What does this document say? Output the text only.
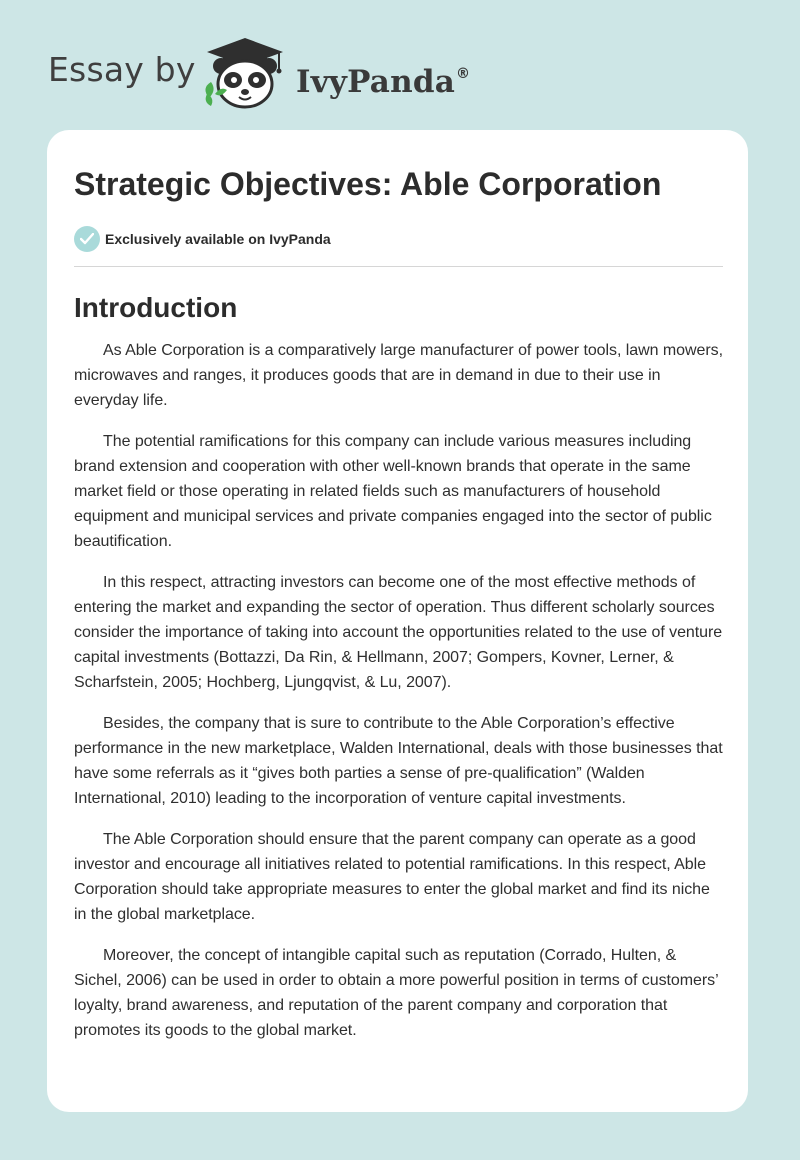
Essay by	IvyPanda®
Strategic Objectives: Able Corporation
Exclusively available on IvyPanda
Introduction

As Able Corporation is a comparatively large manufacturer of power tools, lawn mowers, microwaves and ranges, it produces goods that are in demand in due to their use in everyday life.

The potential ramifications for this company can include various measures including brand extension and cooperation with other well-known brands that operate in the same market field or those operating in related fields such as manufacturers of household equipment and municipal services and private companies engaged into the sector of public beautification.

In this respect, attracting investors can become one of the most effective methods of entering the market and expanding the sector of operation. Thus different scholarly sources consider the importance of taking into account the opportunities related to the use of venture capital investments (Bottazzi, Da Rin, & Hellmann, 2007; Gompers, Kovner, Lerner, & Scharfstein, 2005; Hochberg, Ljungqvist, & Lu, 2007).

Besides, the company that is sure to contribute to the Able Corporation’s effective performance in the new marketplace, Walden International, deals with those businesses that have some referrals as it “gives both parties a sense of pre-qualification” (Walden International, 2010) leading to the incorporation of venture capital investments.

The Able Corporation should ensure that the parent company can operate as a good investor and encourage all initiatives related to potential ramifications. In this respect, Able Corporation should take appropriate measures to enter the global market and find its niche in the global marketplace.

Moreover, the concept of intangible capital such as reputation (Corrado, Hulten, & Sichel, 2006) can be used in order to obtain a more powerful position in terms of customers’ loyalty, brand awareness, and reputation of the parent company and corporation that promotes its goods to the global market.
